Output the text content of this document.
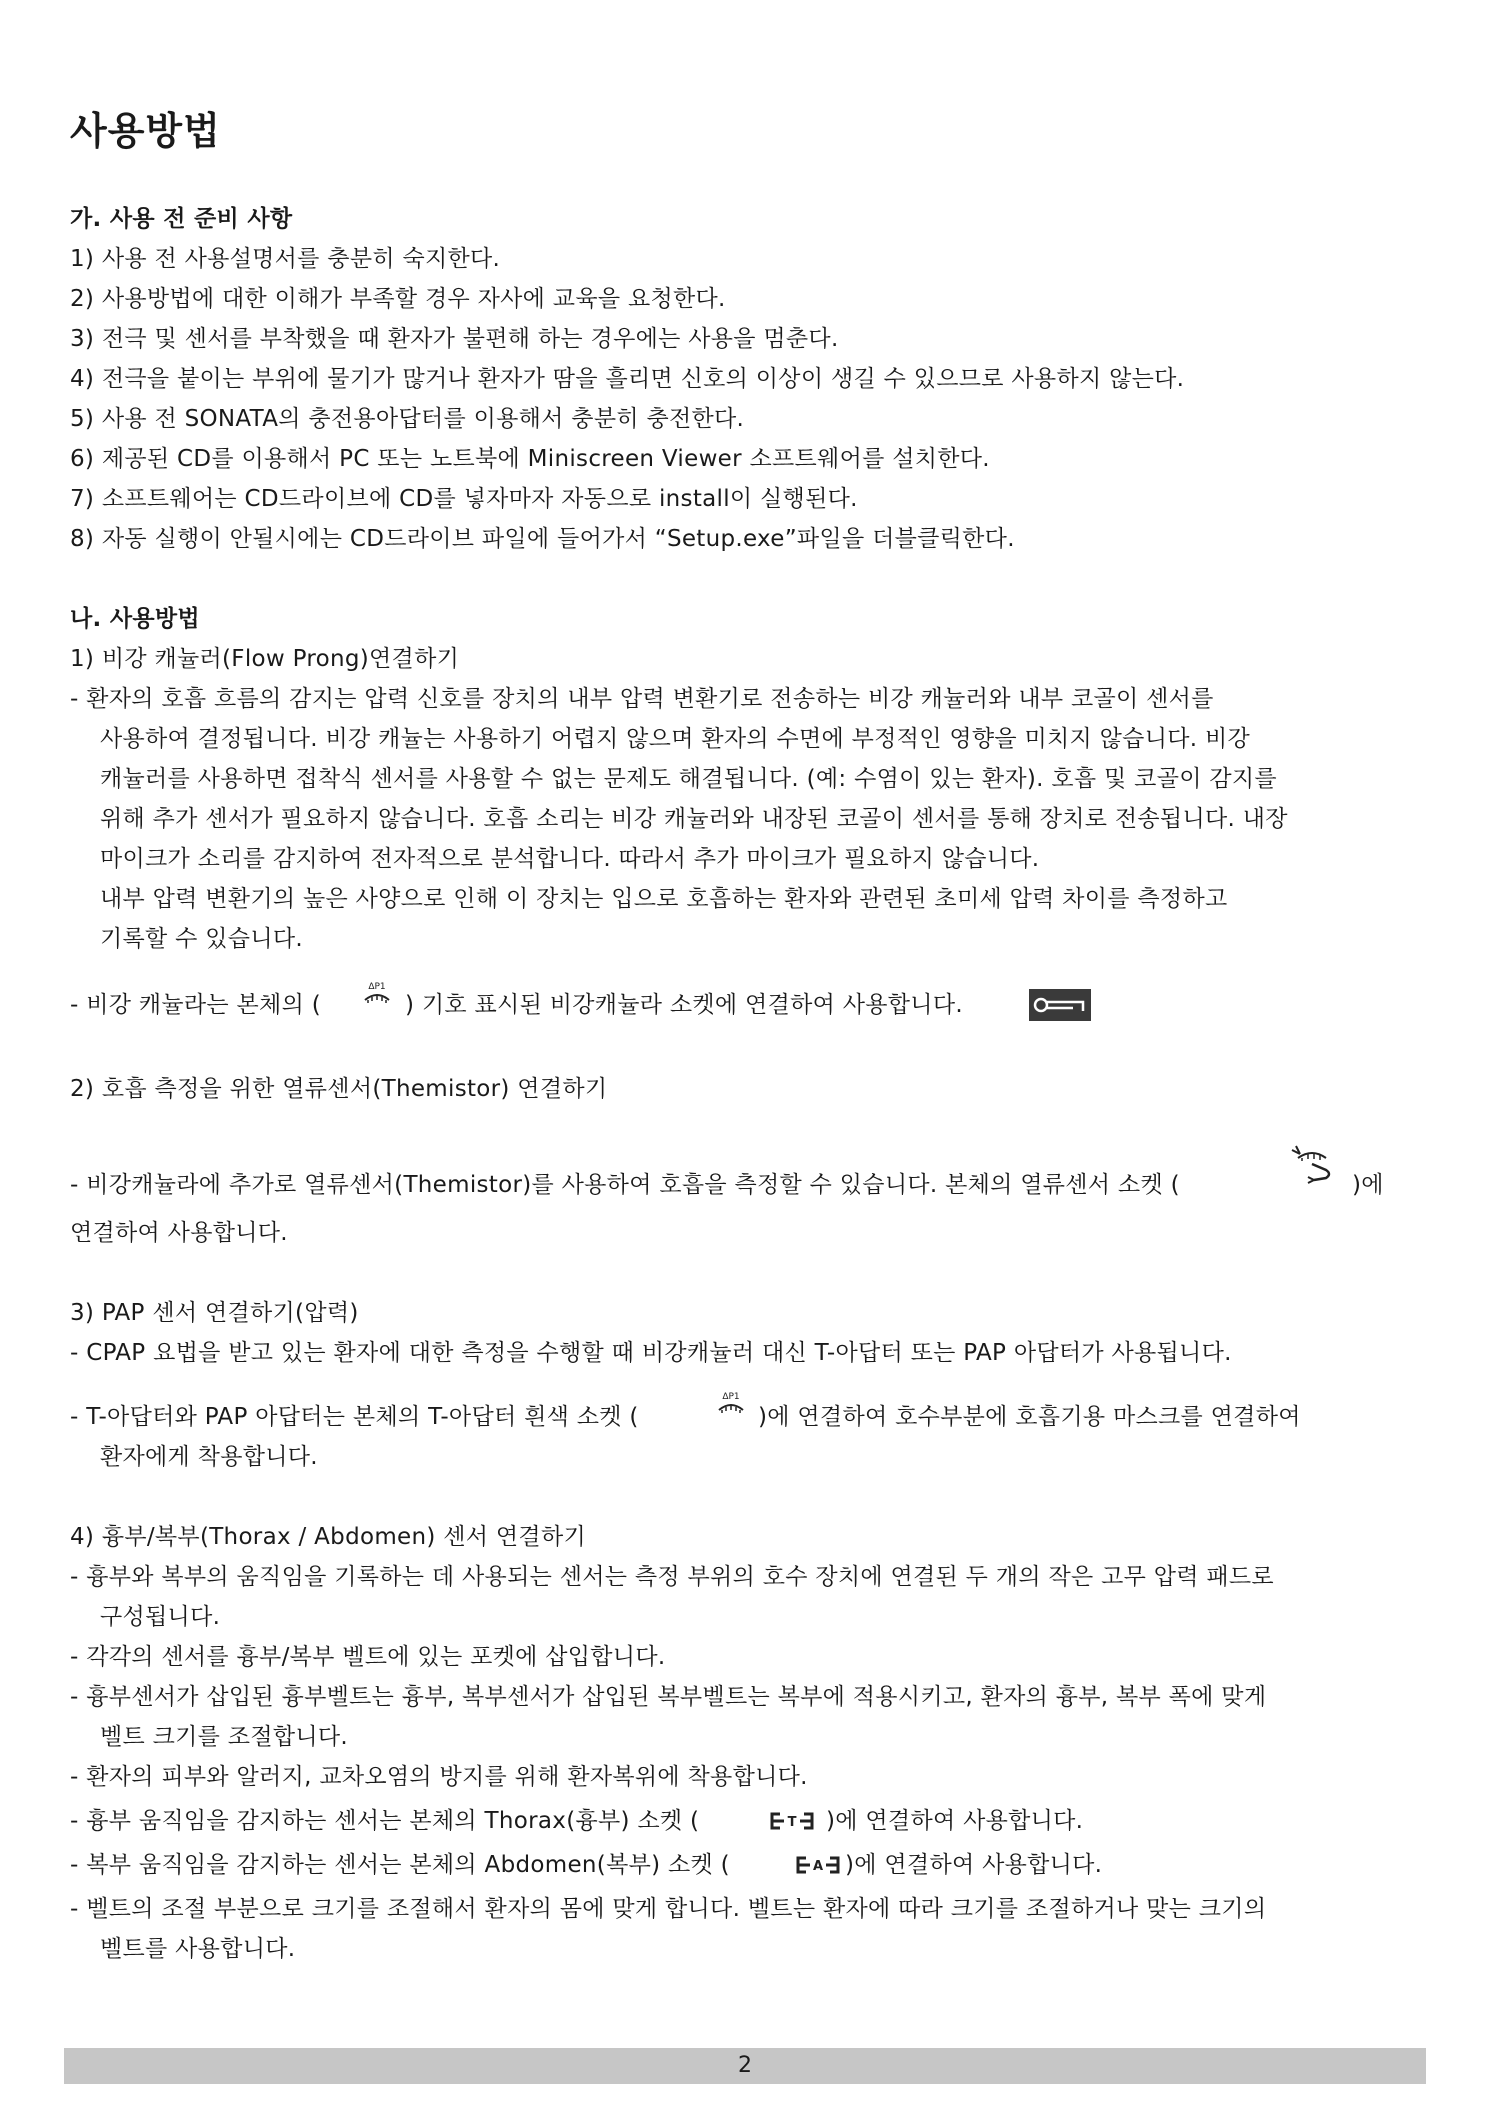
사용방법
가. 사용 전 준비 사항
1) 사용 전 사용설명서를 충분히 숙지한다.
2) 사용방법에 대한 이해가 부족할 경우 자사에 교육을 요청한다.
3) 전극 및 센서를 부착했을 때 환자가 불편해 하는 경우에는 사용을 멈춘다.
4) 전극을 붙이는 부위에 물기가 많거나 환자가 땀을 흘리면 신호의 이상이 생길 수 있으므로 사용하지 않는다.
5) 사용 전 SONATA의 충전용아답터를 이용해서 충분히 충전한다.
6) 제공된 CD를 이용해서 PC 또는 노트북에 Miniscreen Viewer 소프트웨어를 설치한다.
7) 소프트웨어는 CD드라이브에 CD를 넣자마자 자동으로 install이 실행된다.
8) 자동 실행이 안될시에는 CD드라이브 파일에 들어가서 “Setup.exe”파일을 더블클릭한다.
나. 사용방법
1) 비강 캐뉼러(Flow Prong)연결하기
- 환자의 호흡 흐름의 감지는 압력 신호를 장치의 내부 압력 변환기로 전송하는 비강 캐뉼러와 내부 코골이 센서를
사용하여 결정됩니다. 비강 캐뉼는 사용하기 어렵지 않으며 환자의 수면에 부정적인 영향을 미치지 않습니다. 비강
캐뉼러를 사용하면 접착식 센서를 사용할 수 없는 문제도 해결됩니다. (예: 수염이 있는 환자). 호흡 및 코골이 감지를
위해 추가 센서가 필요하지 않습니다. 호흡 소리는 비강 캐뉼러와 내장된 코골이 센서를 통해 장치로 전송됩니다. 내장
마이크가 소리를 감지하여 전자적으로 분석합니다. 따라서 추가 마이크가 필요하지 않습니다.
내부 압력 변환기의 높은 사양으로 인해 이 장치는 입으로 호흡하는 환자와 관련된 초미세 압력 차이를 측정하고
기록할 수 있습니다.
- 비강 캐뉼라는 본체의 (
ΔP1
) 기호 표시된 비강캐뉼라 소켓에 연결하여 사용합니다.
2) 호흡 측정을 위한 열류센서(Themistor) 연결하기
- 비강캐뉼라에 추가로 열류센서(Themistor)를 사용하여 호흡을 측정할 수 있습니다. 본체의 열류센서 소켓 (	)에
연결하여 사용합니다.
3) PAP 센서 연결하기(압력)
- CPAP 요법을 받고 있는 환자에 대한 측정을 수행할 때 비강캐뉼러 대신 T-아답터 또는 PAP 아답터가 사용됩니다.
- T-아답터와 PAP 아답터는 본체의 T-아답터 흰색 소켓 (
ΔP1
)에 연결하여 호수부분에 호흡기용 마스크를 연결하여
환자에게 착용합니다.
4) 흉부/복부(Thorax / Abdomen) 센서 연결하기
- 흉부와 복부의 움직임을 기록하는 데 사용되는 센서는 측정 부위의 호수 장치에 연결된 두 개의 작은 고무 압력 패드로
구성됩니다.
- 각각의 센서를 흉부/복부 벨트에 있는 포켓에 삽입합니다.
- 흉부센서가 삽입된 흉부벨트는 흉부, 복부센서가 삽입된 복부벨트는 복부에 적용시키고, 환자의 흉부, 복부 폭에 맞게
벨트 크기를 조절합니다.
- 환자의 피부와 알러지, 교차오염의 방지를 위해 환자복위에 착용합니다.
- 흉부 움직임을 감지하는 센서는 본체의 Thorax(흉부) 소켓 (	T )에 연결하여 사용합니다.
- 복부 움직임을 감지하는 센서는 본체의 Abdomen(복부) 소켓 (	A )에 연결하여 사용합니다.
- 벨트의 조절 부분으로 크기를 조절해서 환자의 몸에 맞게 합니다. 벨트는 환자에 따라 크기를 조절하거나 맞는 크기의
벨트를 사용합니다.
2
